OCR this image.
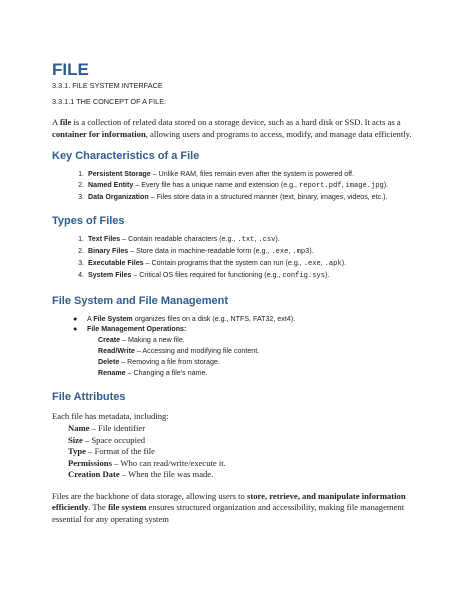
FILE

3.3.1. FILE SYSTEM INTERFACE

3.3.1.1 THE CONCEPT OF A FILE:

A file is a collection of related data stored on a storage device, such as a hard disk or SSD. It acts as a container for information, allowing users and programs to access, modify, and manage data efficiently.

Key Characteristics of a File
1. Persistent Storage – Unlike RAM, files remain even after the system is powered off.
2. Named Entity – Every file has a unique name and extension (e.g., report.pdf, image.jpg).
3. Data Organization – Files store data in a structured manner (text, binary, images, videos, etc.).
Types of Files
1. Text Files – Contain readable characters (e.g., .txt, .csv).
2. Binary Files – Store data in machine-readable form (e.g., .exe, .mp3).
3. Executable Files – Contain programs that the system can run (e.g., .exe, .apk).
4. System Files – Critical OS files required for functioning (e.g., config.sys).
File System and File Management
● A File System organizes files on a disk (e.g., NTFS, FAT32, ext4).
● File Management Operations:
Create – Making a new file.
Read/Write – Accessing and modifying file content.
Delete – Removing a file from storage.
Rename – Changing a file's name.
File Attributes

Each file has metadata, including:

Name – File identifier
Size – Space occupied
Type – Format of the file
Permissions – Who can read/write/execute it.
Creation Date – When the file was made.

Files are the backbone of data storage, allowing users to store, retrieve, and manipulate information efficiently. The file system ensures structured organization and accessibility, making file management essential for any operating system
